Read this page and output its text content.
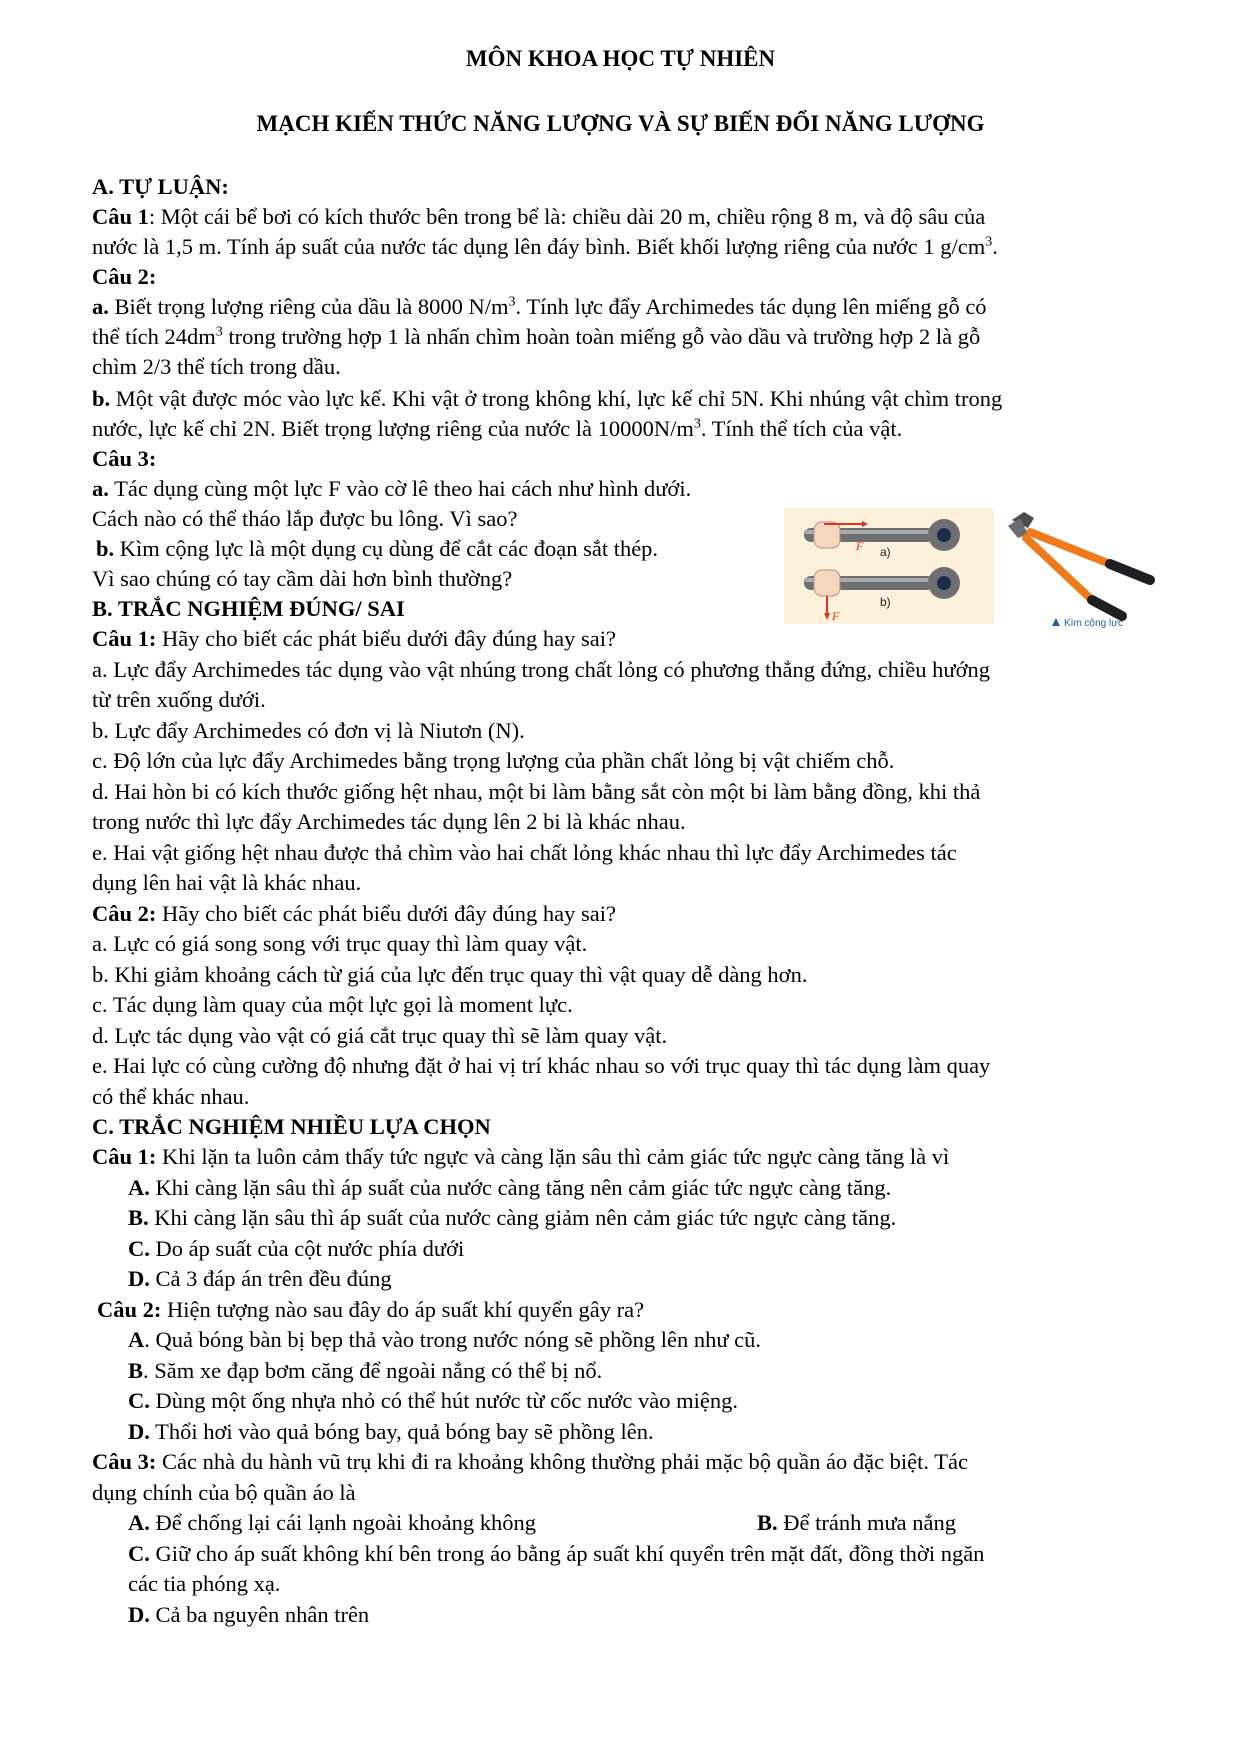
MÔN KHOA HỌC TỰ NHIÊN
MẠCH KIẾN THỨC NĂNG LƯỢNG VÀ SỰ BIẾN ĐỔI NĂNG LƯỢNG
A. TỰ LUẬN:
Câu 1: Một cái bể bơi có kích thước bên trong bể là: chiều dài 20 m, chiều rộng 8 m, và độ sâu của
nước là 1,5 m. Tính áp suất của nước tác dụng lên đáy bình. Biết khối lượng riêng của nước 1 $g/cm^3$.
Câu 2:
a. Biết trọng lượng riêng của dầu là 8000 $N/m^3$. Tính lực đẩy Archimedes tác dụng lên miếng gỗ có
thể tích $24dm^3$ trong trường hợp 1 là nhấn chìm hoàn toàn miếng gỗ vào dầu và trường hợp 2 là gỗ
chìm 2/3 thể tích trong dầu.
b. Một vật được móc vào lực kế. Khi vật ở trong không khí, lực kế chỉ 5N. Khi nhúng vật chìm trong
nước, lực kế chỉ 2N. Biết trọng lượng riêng của nước là $10000N/m^3$. Tính thể tích của vật.
Câu 3:
a. Tác dụng cùng một lực F vào cờ lê theo hai cách như hình dưới.
Cách nào có thể tháo lắp được bu lông. Vì sao?
b. Kìm cộng lực là một dụng cụ dùng để cắt các đoạn sắt thép.
Vì sao chúng có tay cầm dài hơn bình thường?
F a)
F
b)
Kìm cộng lực
B. TRẮC NGHIỆM ĐÚNG/ SAI
Câu 1: Hãy cho biết các phát biểu dưới đây đúng hay sai?
a. Lực đẩy Archimedes tác dụng vào vật nhúng trong chất lỏng có phương thẳng đứng, chiều hướng
từ trên xuống dưới.
b. Lực đẩy Archimedes có đơn vị là Niutơn (N).
c. Độ lớn của lực đẩy Archimedes bằng trọng lượng của phần chất lỏng bị vật chiếm chỗ.
d. Hai hòn bi có kích thước giống hệt nhau, một bi làm bằng sắt còn một bi làm bằng đồng, khi thả
trong nước thì lực đẩy Archimedes tác dụng lên 2 bi là khác nhau.
e. Hai vật giống hệt nhau được thả chìm vào hai chất lỏng khác nhau thì lực đẩy Archimedes tác
dụng lên hai vật là khác nhau.
Câu 2: Hãy cho biết các phát biểu dưới đây đúng hay sai?
a. Lực có giá song song với trục quay thì làm quay vật.
b. Khi giảm khoảng cách từ giá của lực đến trục quay thì vật quay dễ dàng hơn.
c. Tác dụng làm quay của một lực gọi là moment lực.
d. Lực tác dụng vào vật có giá cắt trục quay thì sẽ làm quay vật.
e. Hai lực có cùng cường độ nhưng đặt ở hai vị trí khác nhau so với trục quay thì tác dụng làm quay
có thể khác nhau.
C. TRẮC NGHIỆM NHIỀU LỰA CHỌN
Câu 1: Khi lặn ta luôn cảm thấy tức ngực và càng lặn sâu thì cảm giác tức ngực càng tăng là vì
A. Khi càng lặn sâu thì áp suất của nước càng tăng nên cảm giác tức ngực càng tăng.
B. Khi càng lặn sâu thì áp suất của nước càng giảm nên cảm giác tức ngực càng tăng.
C. Do áp suất của cột nước phía dưới
D. Cả 3 đáp án trên đều đúng
Câu 2: Hiện tượng nào sau đây do áp suất khí quyển gây ra?
A. Quả bóng bàn bị bẹp thả vào trong nước nóng sẽ phồng lên như cũ.
B. Săm xe đạp bơm căng để ngoài nắng có thể bị nổ.
C. Dùng một ống nhựa nhỏ có thể hút nước từ cốc nước vào miệng.
D. Thổi hơi vào quả bóng bay, quả bóng bay sẽ phồng lên.
Câu 3: Các nhà du hành vũ trụ khi đi ra khoảng không thường phải mặc bộ quần áo đặc biệt. Tác
dụng chính của bộ quần áo là
A. Để chống lại cái lạnh ngoài khoảng không	B. Để tránh mưa nắng
C. Giữ cho áp suất không khí bên trong áo bằng áp suất khí quyển trên mặt đất, đồng thời ngăn
các tia phóng xạ.
D. Cả ba nguyên nhân trên
